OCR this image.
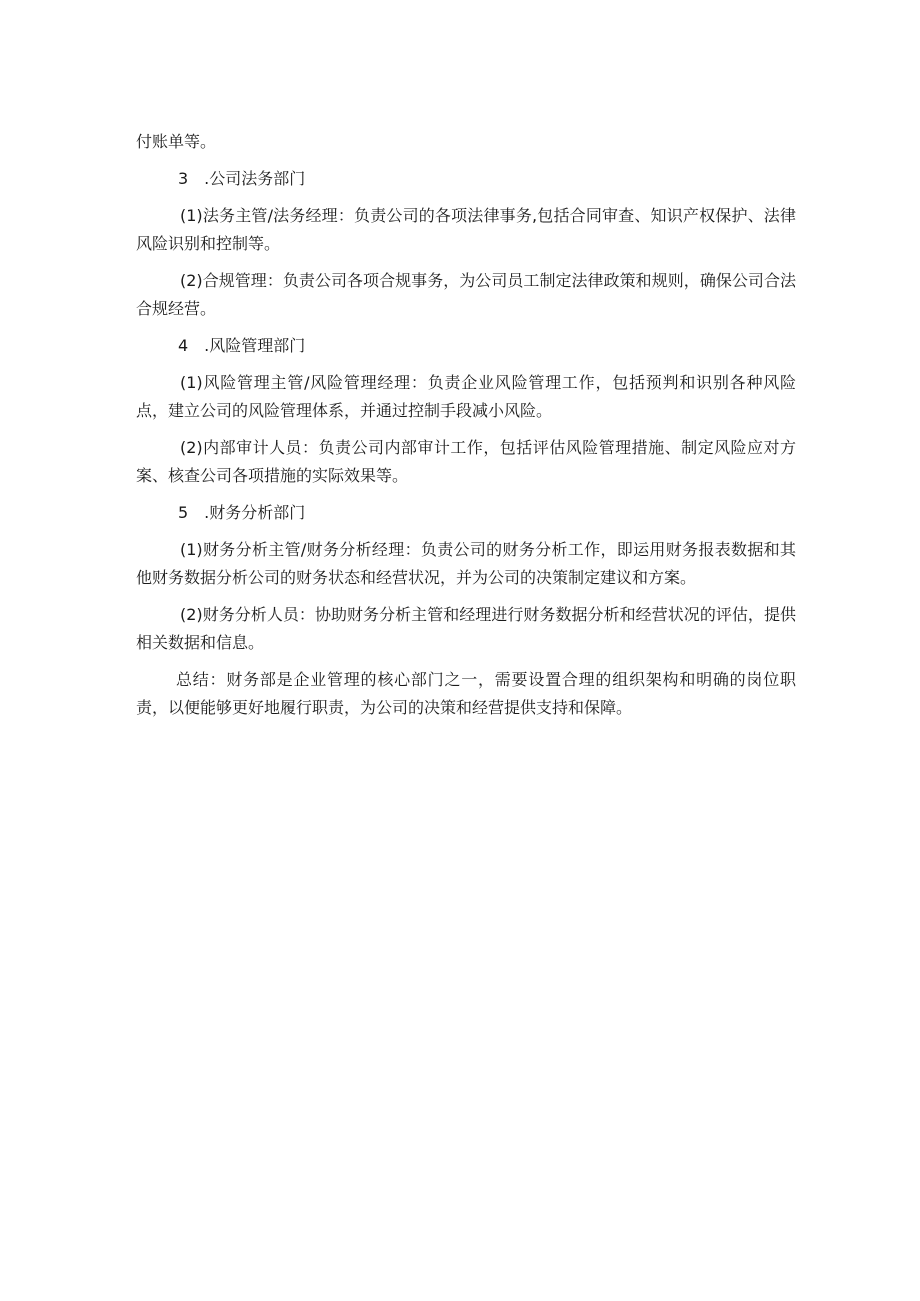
付账单等。

3　.公司法务部门

(1)法务主管/法务经理：负责公司的各项法律事务,包括合同审查、知识产权保护、法律风险识别和控制等。

(2)合规管理：负责公司各项合规事务，为公司员工制定法律政策和规则，确保公司合法合规经营。

4　.风险管理部门

(1)风险管理主管/风险管理经理：负责企业风险管理工作，包括预判和识别各种风险点，建立公司的风险管理体系，并通过控制手段减小风险。

(2)内部审计人员：负责公司内部审计工作，包括评估风险管理措施、制定风险应对方案、核查公司各项措施的实际效果等。

5　.财务分析部门

(1)财务分析主管/财务分析经理：负责公司的财务分析工作，即运用财务报表数据和其他财务数据分析公司的财务状态和经营状况，并为公司的决策制定建议和方案。

(2)财务分析人员：协助财务分析主管和经理进行财务数据分析和经营状况的评估，提供相关数据和信息。

总结：财务部是企业管理的核心部门之一，需要设置合理的组织架构和明确的岗位职责，以便能够更好地履行职责，为公司的决策和经营提供支持和保障。
